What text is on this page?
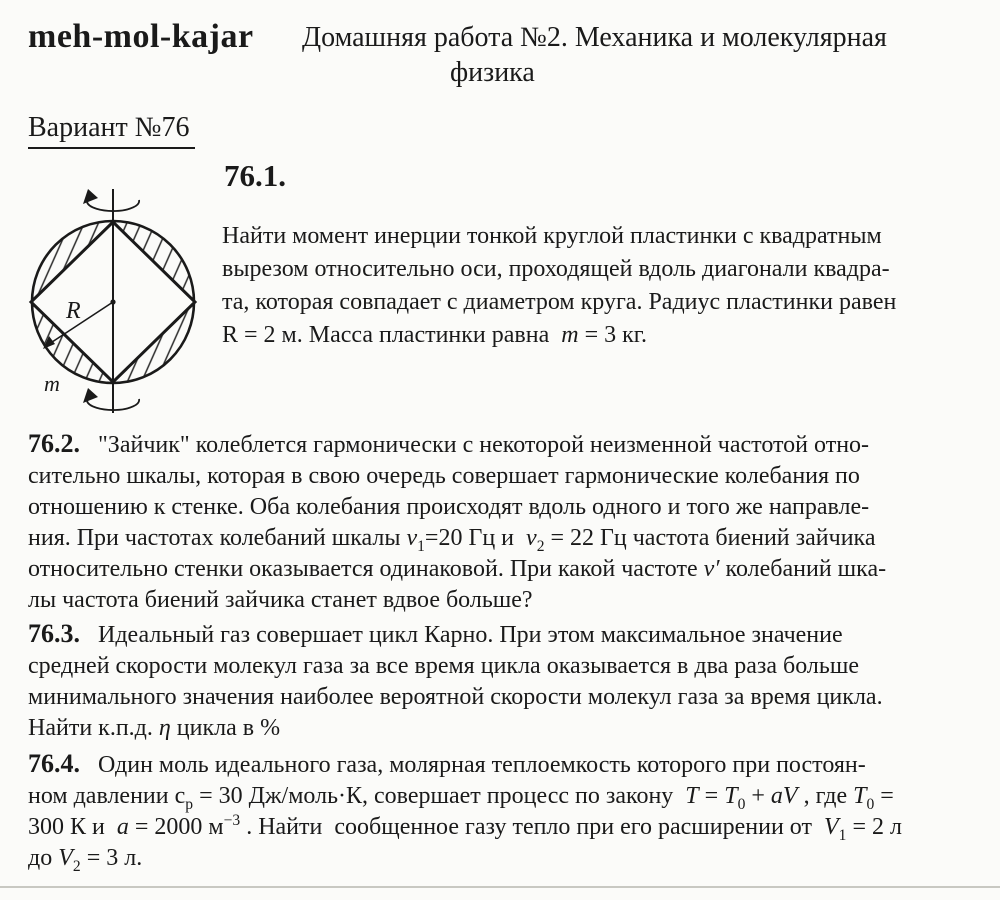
meh-mol-kajar Домашняя работа №2. Механика и молекулярная
физика
Вариант №76
76.1.
Найти момент инерции тонкой круглой пластинки с квадратным
вырезом относительно оси, проходящей вдоль диагонали квадра-
та, которая совпадает с диаметром круга. Радиус пластинки равен
R = 2 м. Масса пластинки равна  m = 3 кг.
R
m
76.2.   "Зайчик" колеблется гармонически с некоторой неизменной частотой отно-
сительно шкалы, которая в свою очередь совершает гармонические колебания по
отношению к стенке. Оба колебания происходят вдоль одного и того же направле-
ния. При частотах колебаний шкалы $\nu_1=20$ Гц и  $\nu_2 = 22$ Гц частота биений зайчика
относительно стенки оказывается одинаковой. При какой частоте ν′ колебаний шка-
лы частота биений зайчика станет вдвое больше?
76.3.   Идеальный газ совершает цикл Карно. При этом максимальное значение
средней скорости молекул газа за все время цикла оказывается в два раза больше
минимального значения наиболее вероятной скорости молекул газа за время цикла.
Найти к.п.д. η цикла в %
76.4.   Один моль идеального газа, молярная теплоемкость которого при постоян-
ном давлении $с_р = 30$ Дж/моль·К, совершает процесс по закону  $T = T_0$ + aV , где $T_0$ =
300 К и  a = 2000 $м^{-3}$ . Найти  сообщенное газу тепло при его расширении от  $V_1 = 2$ л
до $V_2 = 3$ л.
